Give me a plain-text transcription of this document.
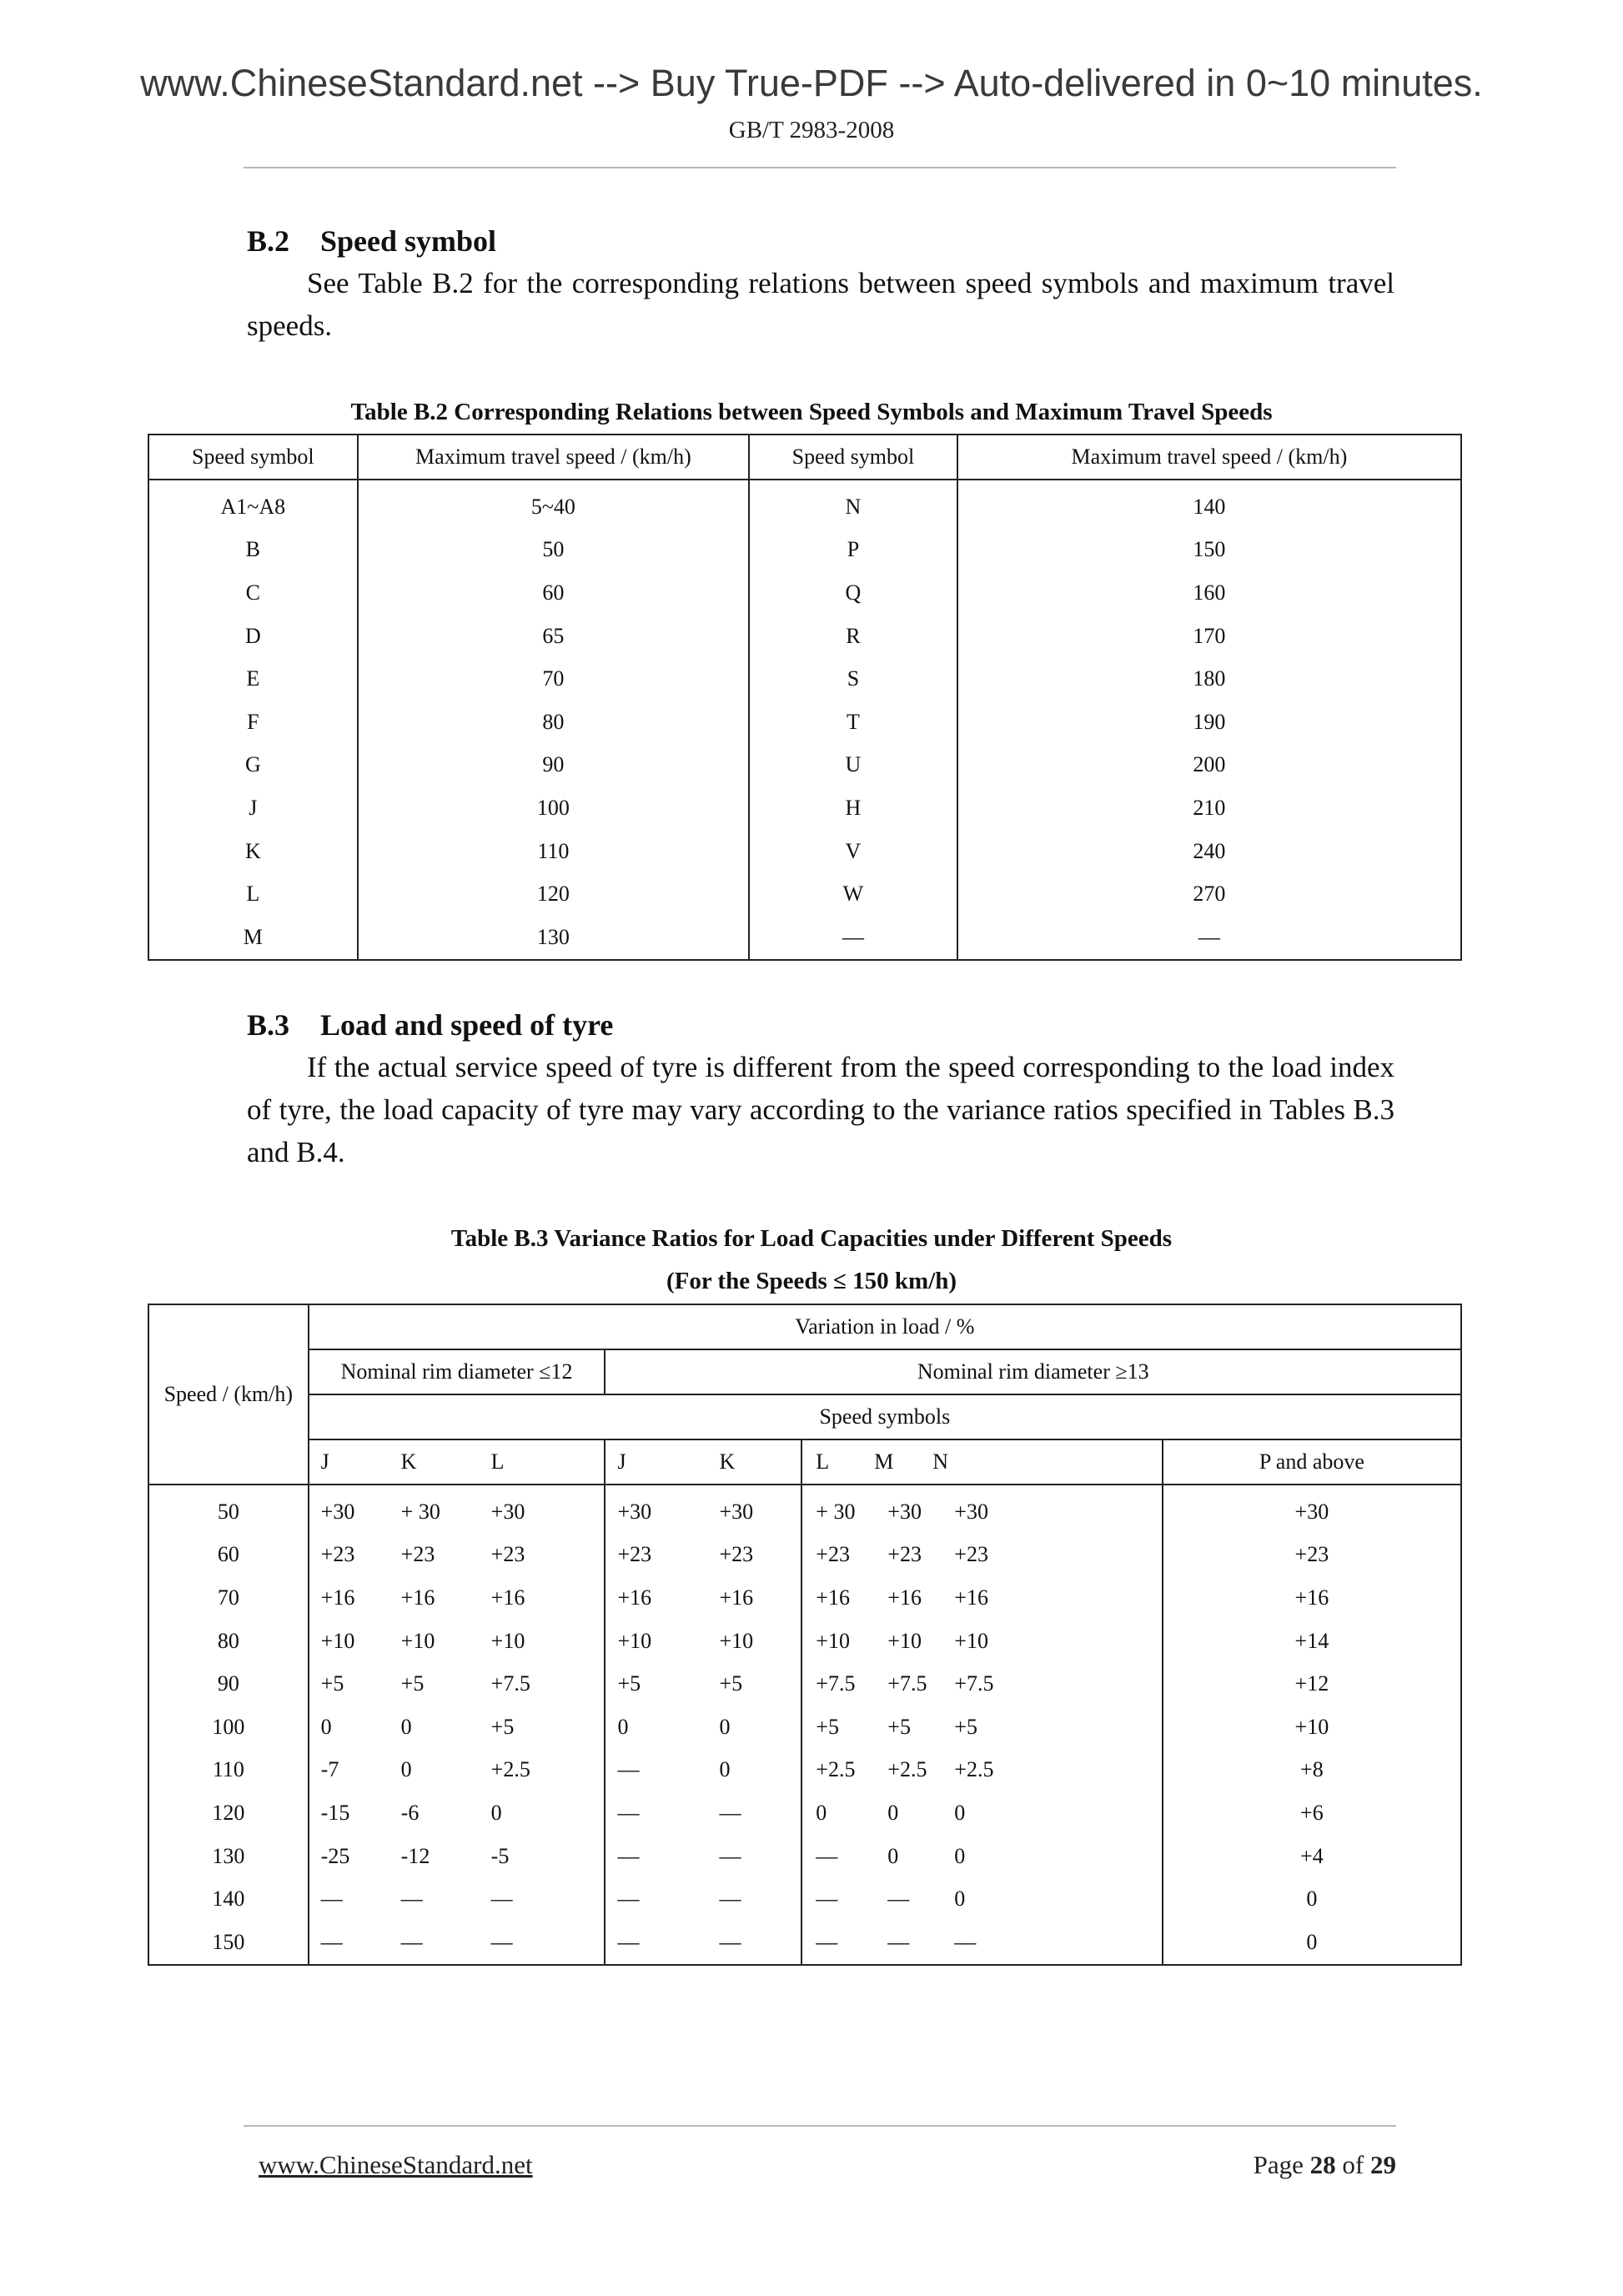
www.ChineseStandard.net --> Buy True-PDF --> Auto-delivered in 0~10 minutes.
GB/T 2983-2008
B.2 Speed symbol
See Table B.2 for the corresponding relations between speed symbols and maximum travel speeds.
Table B.2 Corresponding Relations between Speed Symbols and Maximum Travel Speeds
Speed symbol	Maximum travel speed / (km/h)	Speed symbol	Maximum travel speed / (km/h)
A1~A8	5~40	N	140
B	50	P	150
C	60	Q	160
D	65	R	170
E	70	S	180
F	80	T	190
G	90	U	200
J	100	H	210
K	110	V	240
L	120	W	270
M	130	—	—
B.3 Load and speed of tyre
If the actual service speed of tyre is different from the speed corresponding to the load index of tyre, the load capacity of tyre may vary according to the variance ratios specified in Tables B.3 and B.4.
Table B.3 Variance Ratios for Load Capacities under Different Speeds
(For the Speeds ≤ 150 km/h)
Speed / (km/h)	Variation in load / %			
	Nominal rim diameter ≤12	Nominal rim diameter ≥13		
	Speed symbols			

	J K L	J K	L M N	P and above
50	+30 + 30 +30	+30 +30	+ 30 +30 +30	+30
60	+23 +23 +23	+23 +23	+23 +23 +23	+23
70	+16 +16 +16	+16 +16	+16 +16 +16	+16
80	+10 +10 +10	+10 +10	+10 +10 +10	+14
90	+5 +5 +7.5	+5 +5	+7.5 +7.5 +7.5	+12
100	0 0 +5	0 0	+5 +5 +5	+10
110	-7 0 +2.5	— 0	+2.5 +2.5 +2.5	+8
120	-15 -6 0	— —	0 0 0	+6
130	-25 -12 -5	— —	— 0 0	+4
140	— — —	— —	— — 0	0
150	— — —	— —	— — —	0
www.ChineseStandard.net	Page 28 of 29
